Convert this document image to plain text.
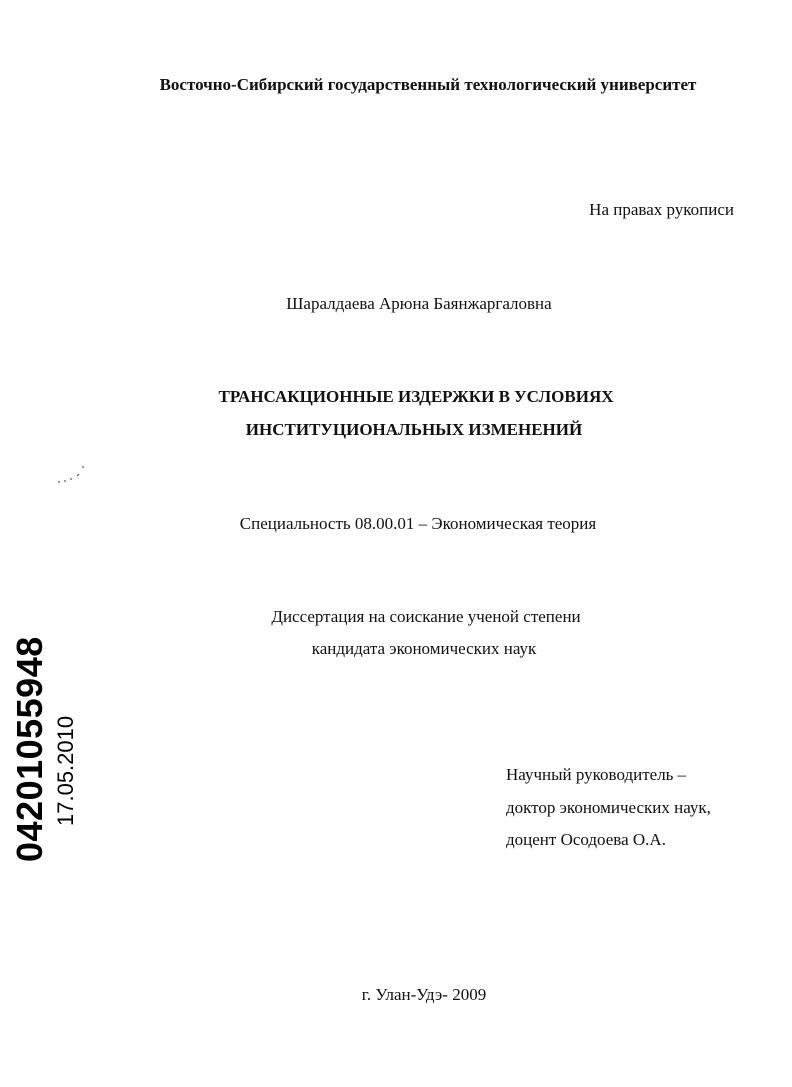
Восточно-Сибирский государственный технологический университет
На правах рукописи
Шаралдаева Арюна Баянжаргаловна
ТРАНСАКЦИОННЫЕ ИЗДЕРЖКИ В УСЛОВИЯХ
ИНСТИТУЦИОНАЛЬНЫХ ИЗМЕНЕНИЙ
Специальность 08.00.01 – Экономическая теория
Диссертация на соискание ученой степени
кандидата экономических наук
Научный руководитель –
доктор экономических наук,
доцент Осодоева О.А.
г. Улан-Удэ- 2009
04201055948 17.05.2010
